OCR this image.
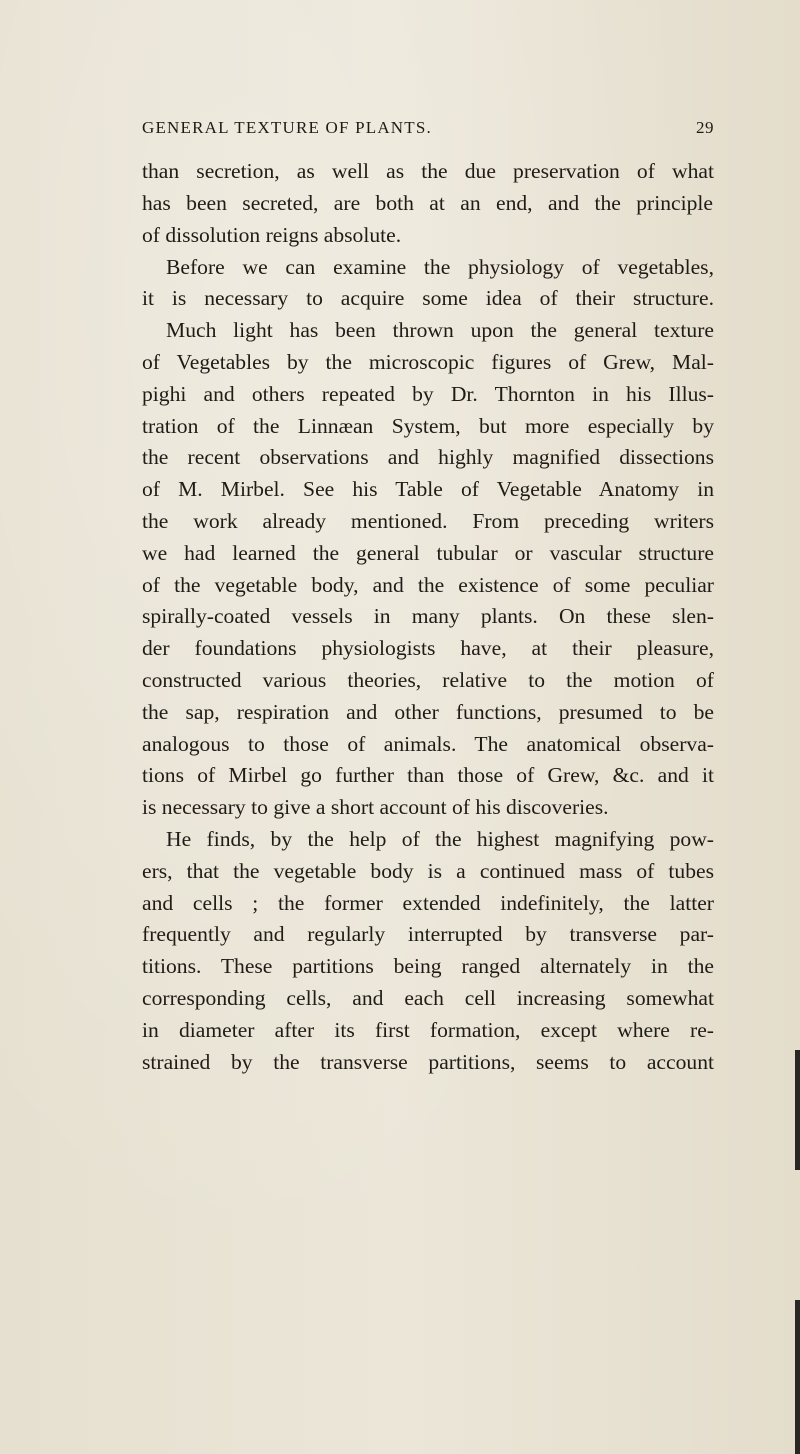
GENERAL TEXTURE OF PLANTS.	29
than secretion, as well as the due preservation of what
has been secreted, are both at an end, and the principle
of dissolution reigns absolute.
Before we can examine the physiology of vegetables,
it is necessary to acquire some idea of their structure.
Much light has been thrown upon the general texture
of Vegetables by the microscopic figures of Grew, Mal-
pighi and others repeated by Dr. Thornton in his Illus-
tration of the Linnæan System, but more especially by
the recent observations and highly magnified dissections
of M. Mirbel. See his Table of Vegetable Anatomy in
the work already mentioned. From preceding writers
we had learned the general tubular or vascular structure
of the vegetable body, and the existence of some peculiar
spirally-coated vessels in many plants. On these slen-
der foundations physiologists have, at their pleasure,
constructed various theories, relative to the motion of
the sap, respiration and other functions, presumed to be
analogous to those of animals. The anatomical observa-
tions of Mirbel go further than those of Grew, &c. and it
is necessary to give a short account of his discoveries.
He finds, by the help of the highest magnifying pow-
ers, that the vegetable body is a continued mass of tubes
and cells ; the former extended indefinitely, the latter
frequently and regularly interrupted by transverse par-
titions. These partitions being ranged alternately in the
corresponding cells, and each cell increasing somewhat
in diameter after its first formation, except where re-
strained by the transverse partitions, seems to account
